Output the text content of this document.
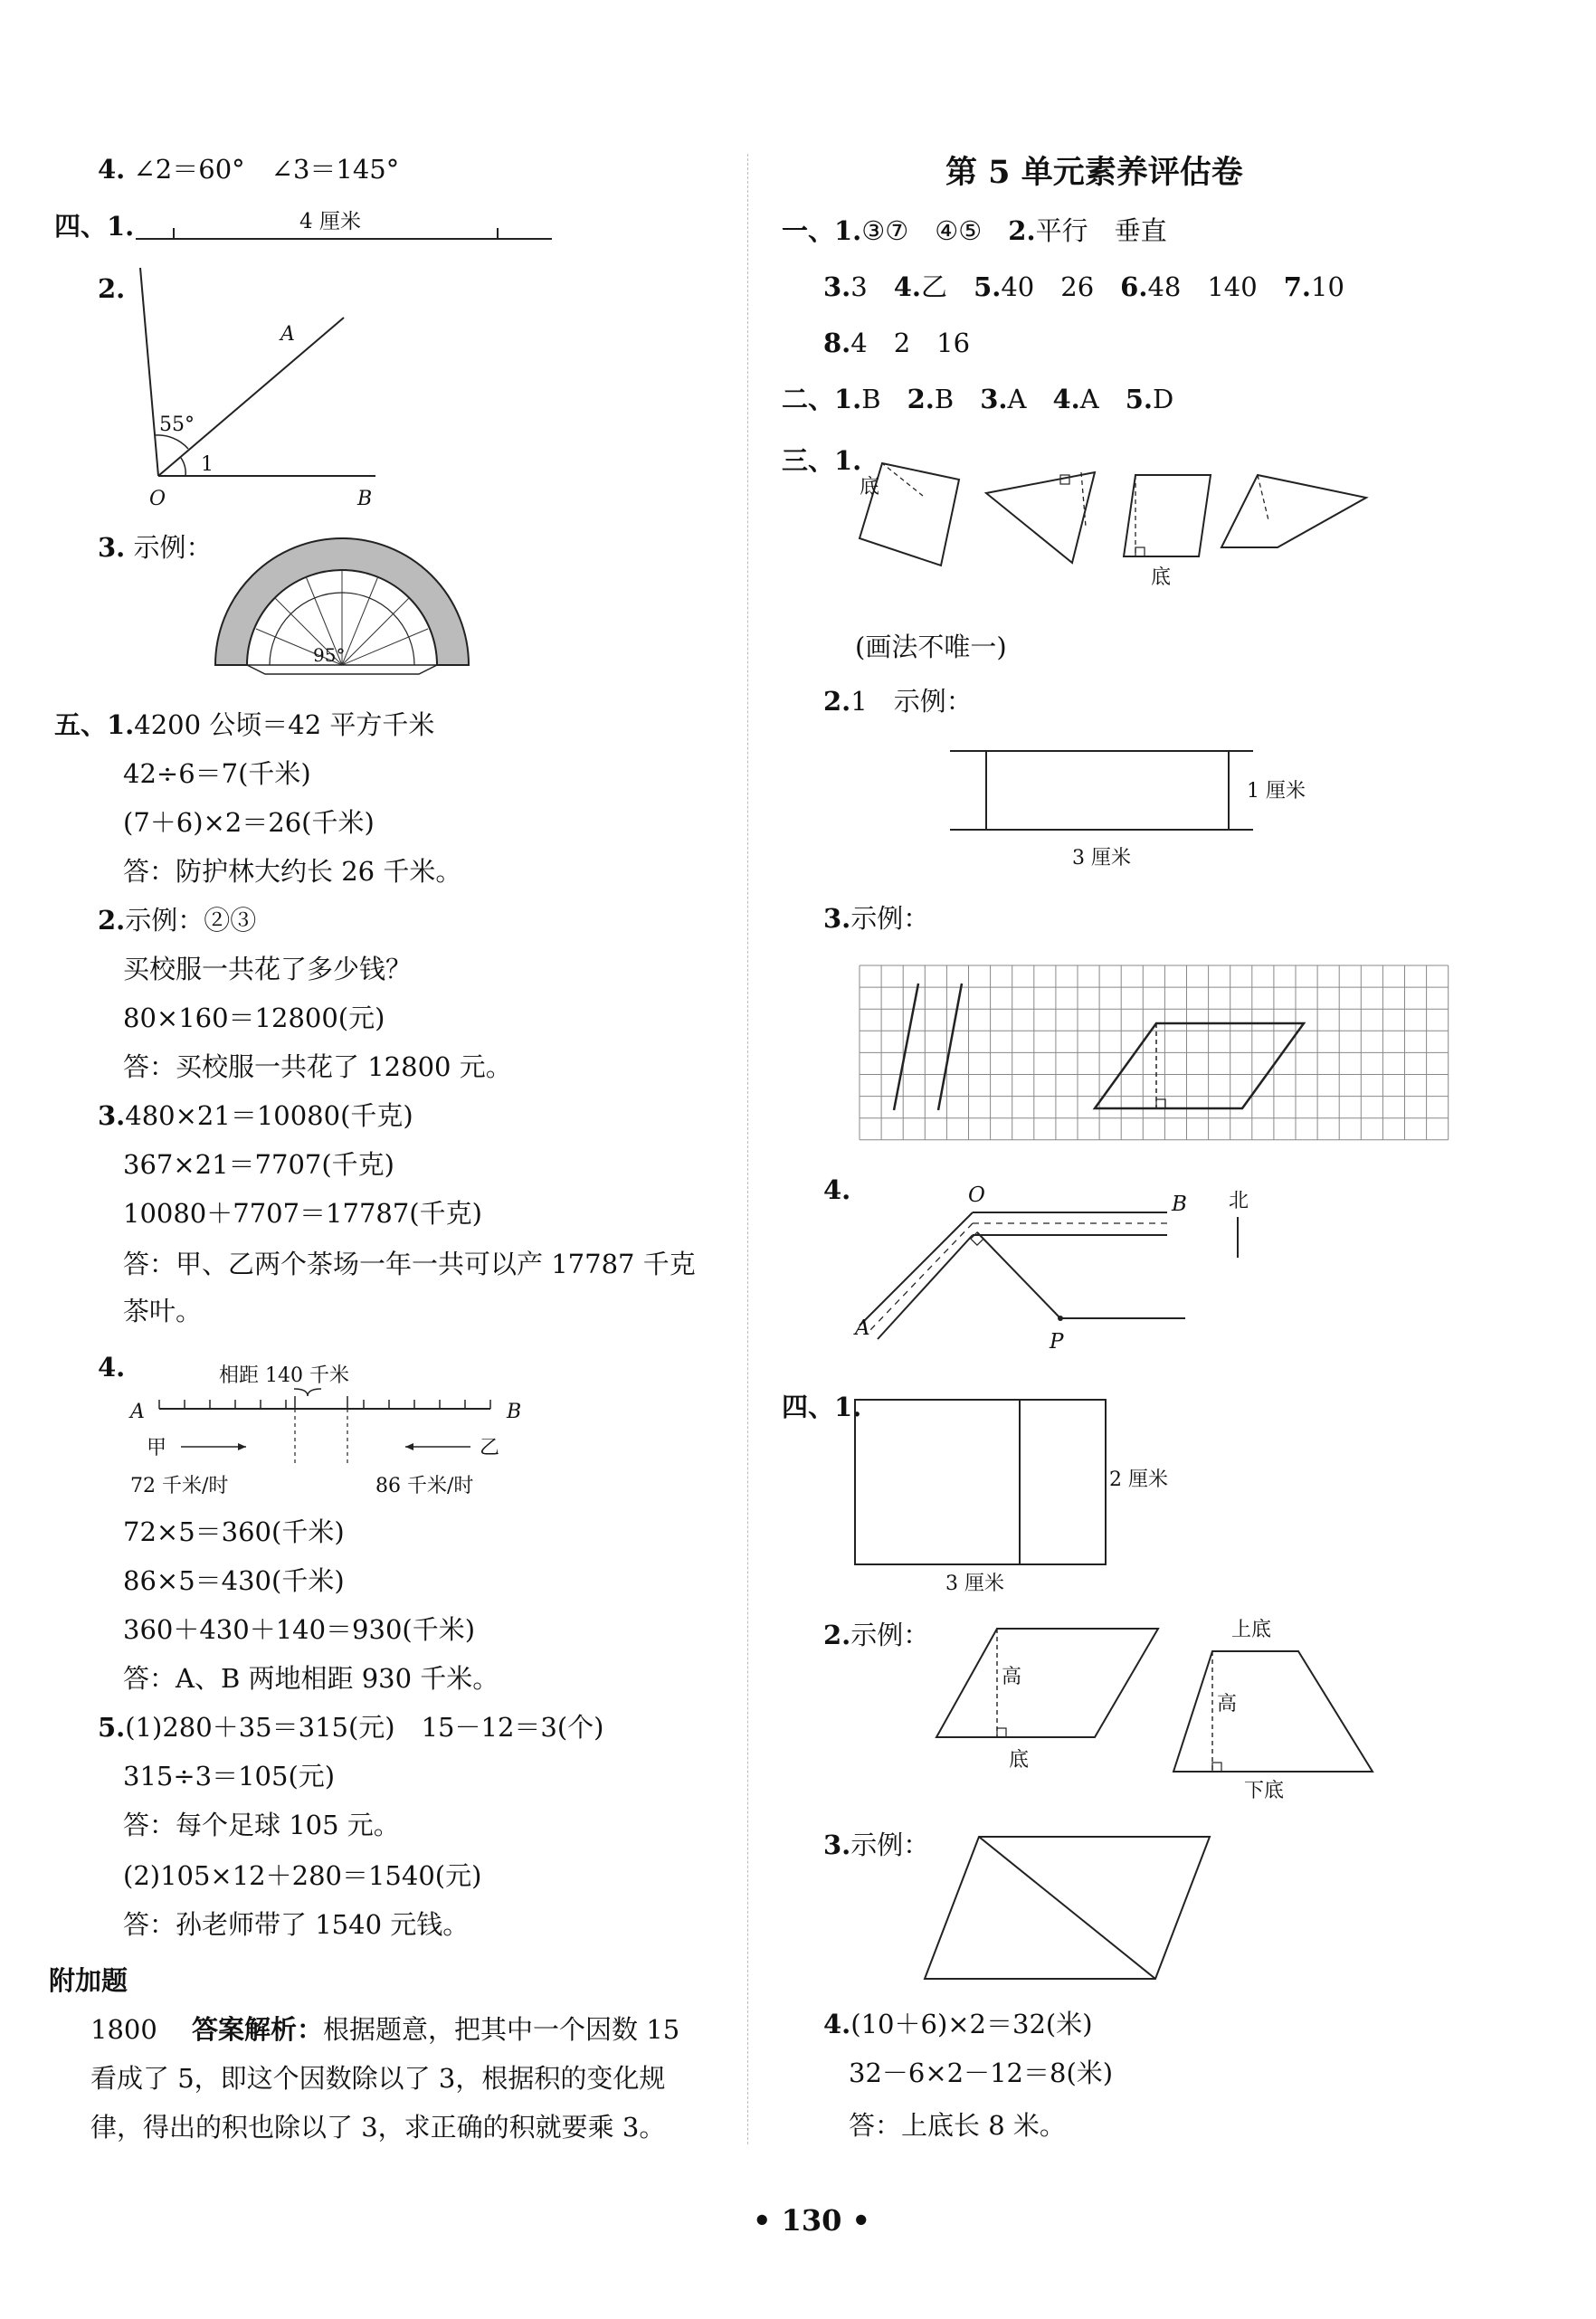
4. ∠2＝60°　∠3＝145°
四、1.	4 厘米
2.
A
O	B
1
55°
3. 示例：
95°
五、1.4200 公顷＝42 平方千米
42÷6＝7(千米)
(7＋6)×2＝26(千米)
答：防护林大约长 26 千米。
2.示例：②③
买校服一共花了多少钱？
80×160＝12800(元)
答：买校服一共花了 12800 元。
3.480×21＝10080(千克)
367×21＝7707(千克)
10080＋7707＝17787(千克)
答：甲、乙两个茶场一年一共可以产 17787 千克
茶叶。
4.	相距 140 千米
A	B
甲	乙
72 千米/时	86 千米/时
72×5＝360(千米)
86×5＝430(千米)
360＋430＋140＝930(千米)
答：A、B 两地相距 930 千米。
5.(1)280＋35＝315(元)　15－12＝3(个)
315÷3＝105(元)
答：每个足球 105 元。
(2)105×12＋280＝1540(元)
答：孙老师带了 1540 元钱。
附加题
1800　 答案解析：根据题意，把其中一个因数 15
看成了 5，即这个因数除以了 3，根据积的变化规
律，得出的积也除以了 3，求正确的积就要乘 3。
第 5 单元素养评估卷
一、1.③⑦　④⑤　 2.平行　垂直
3.3　 4.乙　 5.40　26　 6.48　140　 7.10
8.4　2　16
二、1.B　 2.B　 3.A　 4.A　 5.D
三、1.
底
底
(画法不唯一)
2.1　示例：
1 厘米
3 厘米
3.示例：
4.	O	B
A
P
北
四、1.
2 厘米
3 厘米
2.示例：
高
底
上底
高
下底
3.示例：
4.(10＋6)×2＝32(米)
32－6×2－12＝8(米)
答：上底长 8 米。
• 130 •
